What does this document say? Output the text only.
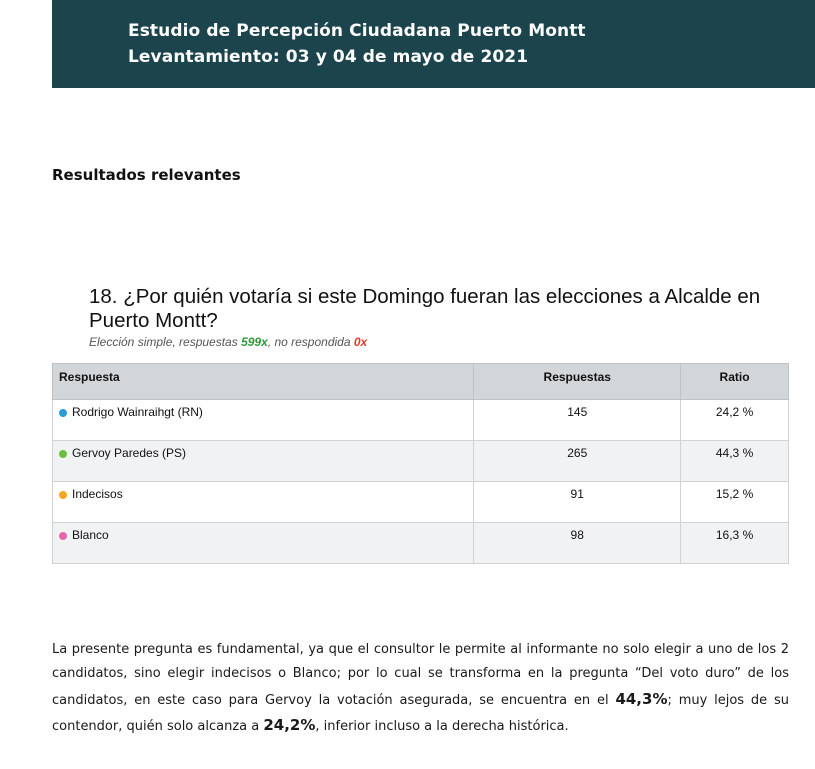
Estudio de Percepción Ciudadana Puerto Montt
Levantamiento: 03 y 04 de mayo de 2021
Resultados relevantes
18. ¿Por quién votaría si este Domingo fueran las elecciones a Alcalde en Puerto Montt?
Elección simple, respuestas 599x, no respondida 0x
Respuesta	Respuestas	Ratio
Rodrigo Wainraihgt (RN)	145	24,2 %
Gervoy Paredes (PS)	265	44,3 %
Indecisos	91	15,2 %
Blanco	98	16,3 %
La presente pregunta es fundamental, ya que el consultor le permite al informante no solo elegir a uno de los 2 candidatos, sino elegir indecisos o Blanco; por lo cual se transforma en la pregunta “Del voto duro” de los candidatos, en este caso para Gervoy la votación asegurada, se encuentra en el 44,3%; muy lejos de su contendor, quién solo alcanza a 24,2%, inferior incluso a la derecha histórica.
